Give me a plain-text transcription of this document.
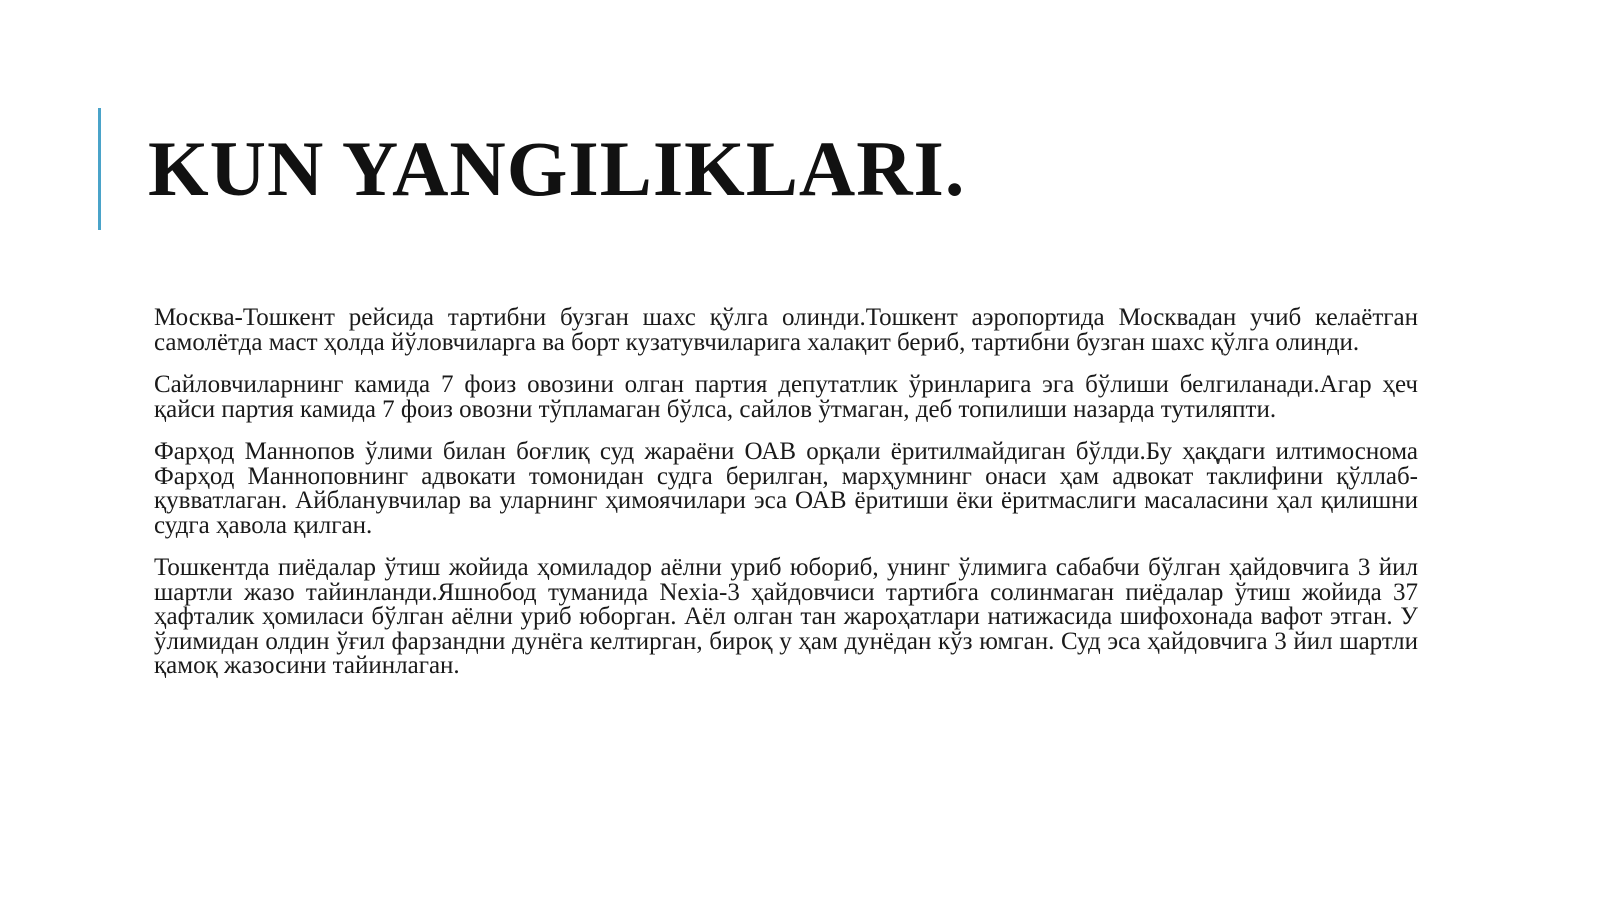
KUN YANGILIKLARI.

Москва-Тошкент рейсида тартибни бузган шахс қўлга олинди.Тошкент аэропортида Москвадан учиб келаётган самолётда маст ҳолда йўловчиларга ва борт кузатувчиларига халақит бериб, тартибни бузган шахс қўлга олинди.

Сайловчиларнинг камида 7 фоиз овозини олган партия депутатлик ўринларига эга бўлиши белгиланади.Агар ҳеч қайси партия камида 7 фоиз овозни тўпламаган бўлса, сайлов ўтмаган, деб топилиши назарда тутиляпти.

Фарҳод Маннопов ўлими билан боғлиқ суд жараёни ОАВ орқали ёритилмайдиган бўлди.Бу ҳақдаги илтимоснома Фарҳод Манноповнинг адвокати томонидан судга берилган, марҳумнинг онаси ҳам адвокат таклифини қўллаб-қувватлаган. Айбланувчилар ва уларнинг ҳимоячилари эса ОАВ ёритиши ёки ёритмаслиги масаласини ҳал қилишни судга ҳавола қилган.

Тошкентда пиёдалар ўтиш жойида ҳомиладор аёлни уриб юбориб, унинг ўлимига сабабчи бўлган ҳайдовчига 3 йил шартли жазо тайинланди.Яшнобод туманида Nexia-3 ҳайдовчиси тартибга солинмаган пиёдалар ўтиш жойида 37 ҳафталик ҳомиласи бўлган аёлни уриб юборган. Аёл олган тан жароҳатлари натижасида шифохонада вафот этган. У ўлимидан олдин ўғил фарзандни дунёга келтирган, бироқ у ҳам дунёдан кўз юмган. Суд эса ҳайдовчига 3 йил шартли қамоқ жазосини тайинлаган.
